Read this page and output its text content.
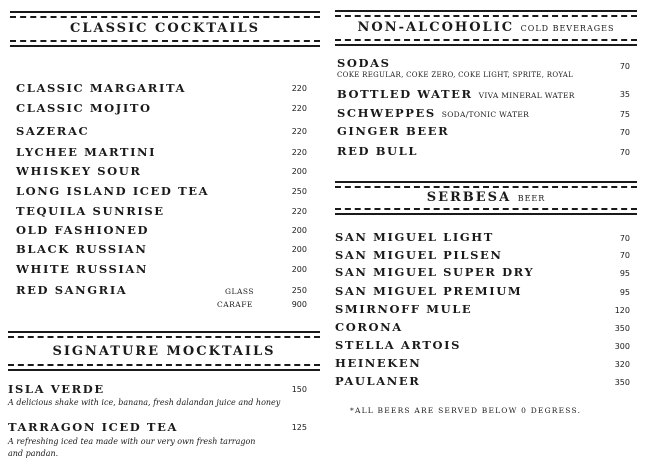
CLASSIC COCKTAILS
CLASSIC MARGARITA	220
CLASSIC MOJITO	220
SAZERAC	220
LYCHEE MARTINI	220
WHISKEY SOUR	200
LONG ISLAND ICED TEA	250
TEQUILA SUNRISE	220
OLD FASHIONED	200
BLACK RUSSIAN	200
WHITE RUSSIAN	200
RED SANGRIA	GLASS	250
CARAFE	900
SIGNATURE MOCKTAILS
ISLA VERDE	150
A delicious shake with ice, banana, fresh dalandan juice and honey
TARRAGON ICED TEA	125
A refreshing iced tea made with our very own fresh tarragon
and pandan.
NON-ALCOHOLIC COLD BEVERAGES
SODAS	70
COKE REGULAR, COKE ZERO, COKE LIGHT, SPRITE, ROYAL
BOTTLED WATER VIVA MINERAL WATER	35
SCHWEPPES SODA/TONIC WATER	75
GINGER BEER	70
RED BULL	70
SERBESA BEER
SAN MIGUEL LIGHT	70
SAN MIGUEL PILSEN	70
SAN MIGUEL SUPER DRY	95
SAN MIGUEL PREMIUM	95
SMIRNOFF MULE	120
CORONA	350
STELLA ARTOIS	300
HEINEKEN	320
PAULANER	350
*ALL BEERS ARE SERVED BELOW 0 DEGRESS.
